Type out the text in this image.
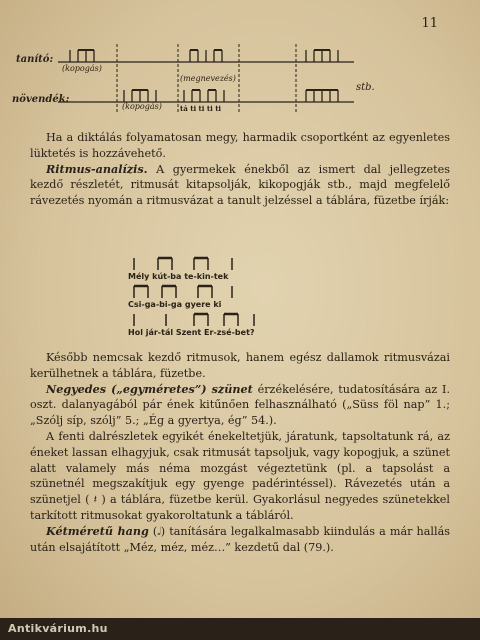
11
tanító:
növendék:
(kopogás)
(megnevezés)
(kopogás)	tá ti ti ti ti
stb.

Ha a diktálás folyamatosan megy, harmadik csoportként az egyenletes lüktetés is hozzávehető.

Ritmus-analízis. A gyermekek énekből az ismert dal jellegzetes kezdő részletét, ritmusát kitapsolják, kikopogják stb., majd megfelelő rávezetés nyomán a ritmusvázat a tanult jelzéssel a táblára, füzetbe írják:

Mély kút-ba te-kin-tek
Csi-ga-bi-ga gyere ki
Hol jár-tál Szent Er-zsé-bet?

Később nemcsak kezdő ritmusok, hanem egész dallamok ritmusvázai kerülhetnek a táblára, füzetbe.

Negyedes („egyméretes”) szünet érzékelésére, tudatosítására az I. oszt. dalanyagából pár ének kitűnően felhasználható („Süss föl nap” 1.; „Szólj síp, szólj” 5.; „Ég a gyertya, ég” 54.).

A fenti dalrészletek egyikét énekeltetjük, járatunk, tapsoltatunk rá, az éneket lassan elhagyjuk, csak ritmusát tapsoljuk, vagy kopogjuk, a szünet alatt valamely más néma mozgást végeztetünk (pl. a tapsolást a szünetnél megszakítjuk egy gyenge padérintéssel). Rávezetés után a szünetjel ( 𝄽 ) a táblára, füzetbe kerül. Gyakorlásul negyedes szünetekkel tarkított ritmusokat gyakoroltatunk a tábláról.

Kétméretű hang (𝅗𝅥) tanítására legalkalmasabb kiindulás a már hallás után elsajátított „Méz, méz, méz…” kezdetű dal (79.).

Antikvárium.hu
